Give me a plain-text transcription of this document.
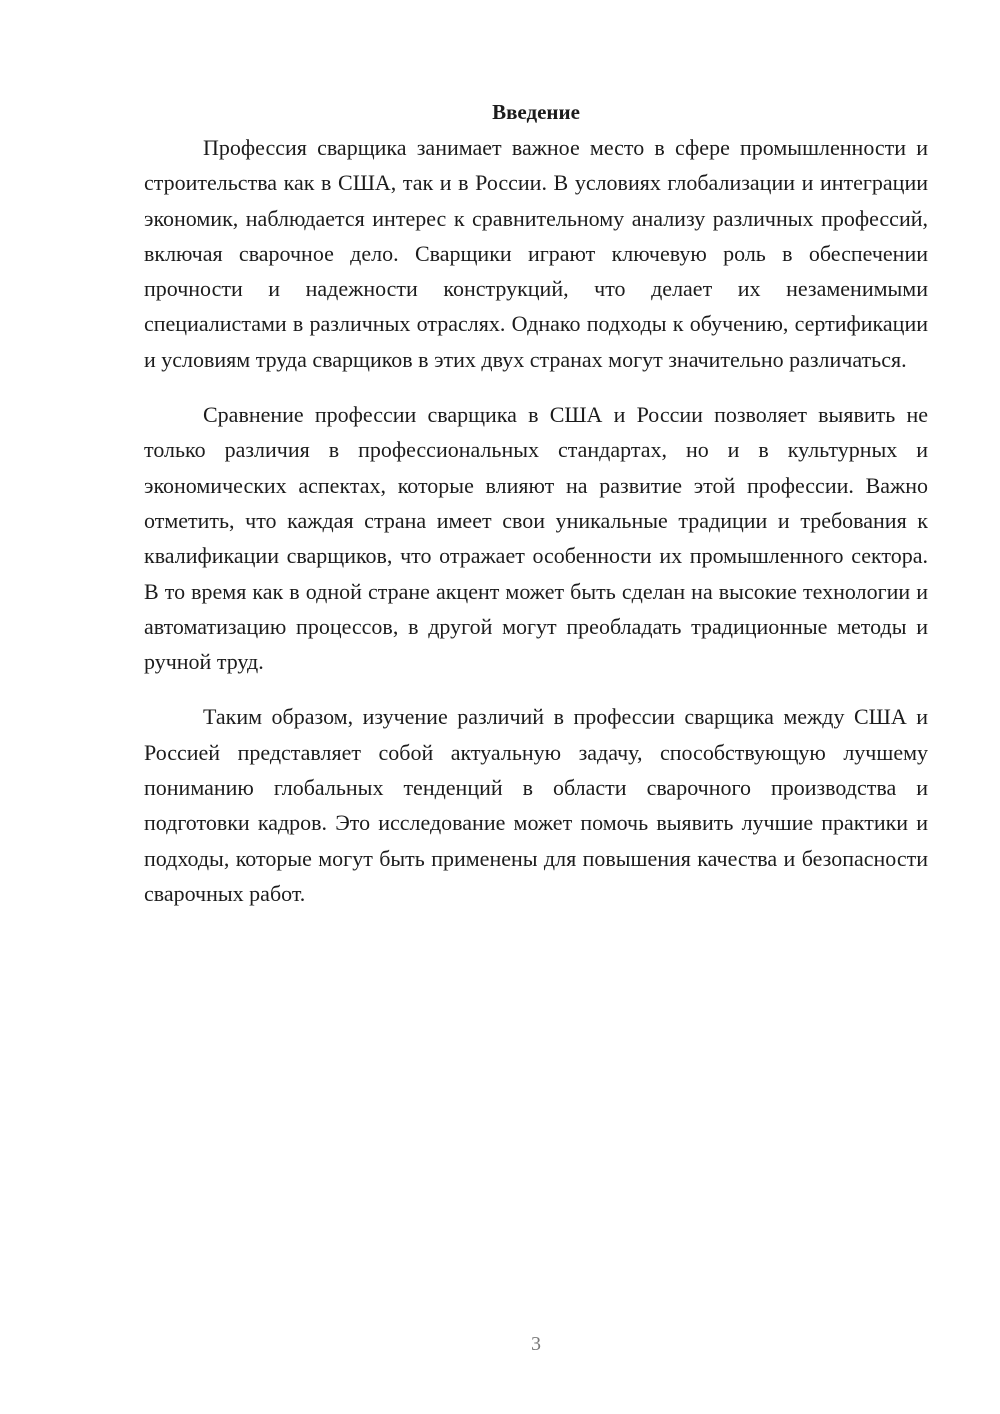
Введение

Профессия сварщика занимает важное место в сфере промышленности и строительства как в США, так и в России. В условиях глобализации и интеграции экономик, наблюдается интерес к сравнительному анализу различных профессий, включая сварочное дело. Сварщики играют ключевую роль в обеспечении прочности и надежности конструкций, что делает их незаменимыми специалистами в различных отраслях. Однако подходы к обучению, сертификации и условиям труда сварщиков в этих двух странах могут значительно различаться.

Сравнение профессии сварщика в США и России позволяет выявить не только различия в профессиональных стандартах, но и в культурных и экономических аспектах, которые влияют на развитие этой профессии. Важно отметить, что каждая страна имеет свои уникальные традиции и требования к квалификации сварщиков, что отражает особенности их промышленного сектора. В то время как в одной стране акцент может быть сделан на высокие технологии и автоматизацию процессов, в другой могут преобладать традиционные методы и ручной труд.

Таким образом, изучение различий в профессии сварщика между США и Россией представляет собой актуальную задачу, способствующую лучшему пониманию глобальных тенденций в области сварочного производства и подготовки кадров. Это исследование может помочь выявить лучшие практики и подходы, которые могут быть применены для повышения качества и безопасности сварочных работ.

3
